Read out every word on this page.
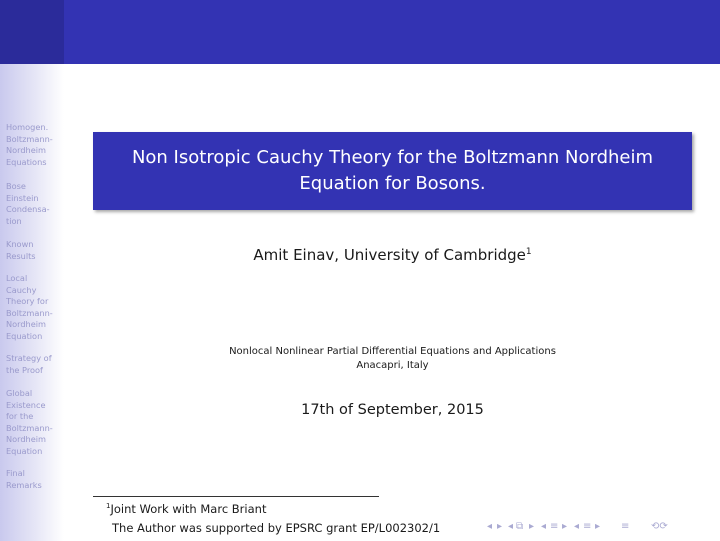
Homogen.
Boltzmann-
Nordheim
Equations
Bose
Einstein
Condensa-
tion
Known
Results
Local
Cauchy
Theory for
Boltzmann-
Nordheim
Equation
Strategy of
the Proof
Global
Existence
for the
Boltzmann-
Nordheim
Equation
Final
Remarks
Non Isotropic Cauchy Theory for the Boltzmann Nordheim
Equation for Bosons.
Amit Einav, University of Cambridge$^1$
Nonlocal Nonlinear Partial Differential Equations and Applications
Anacapri, Italy
17th of September, 2015
$^1$Joint Work with Marc Briant
The Author was supported by EPSRC grant EP/L002302/1	◂ ▸ ◂ ⧉ ▸ ◂ ≡ ▸ ◂ ≡ ▸ ≡ ⟲⟳
